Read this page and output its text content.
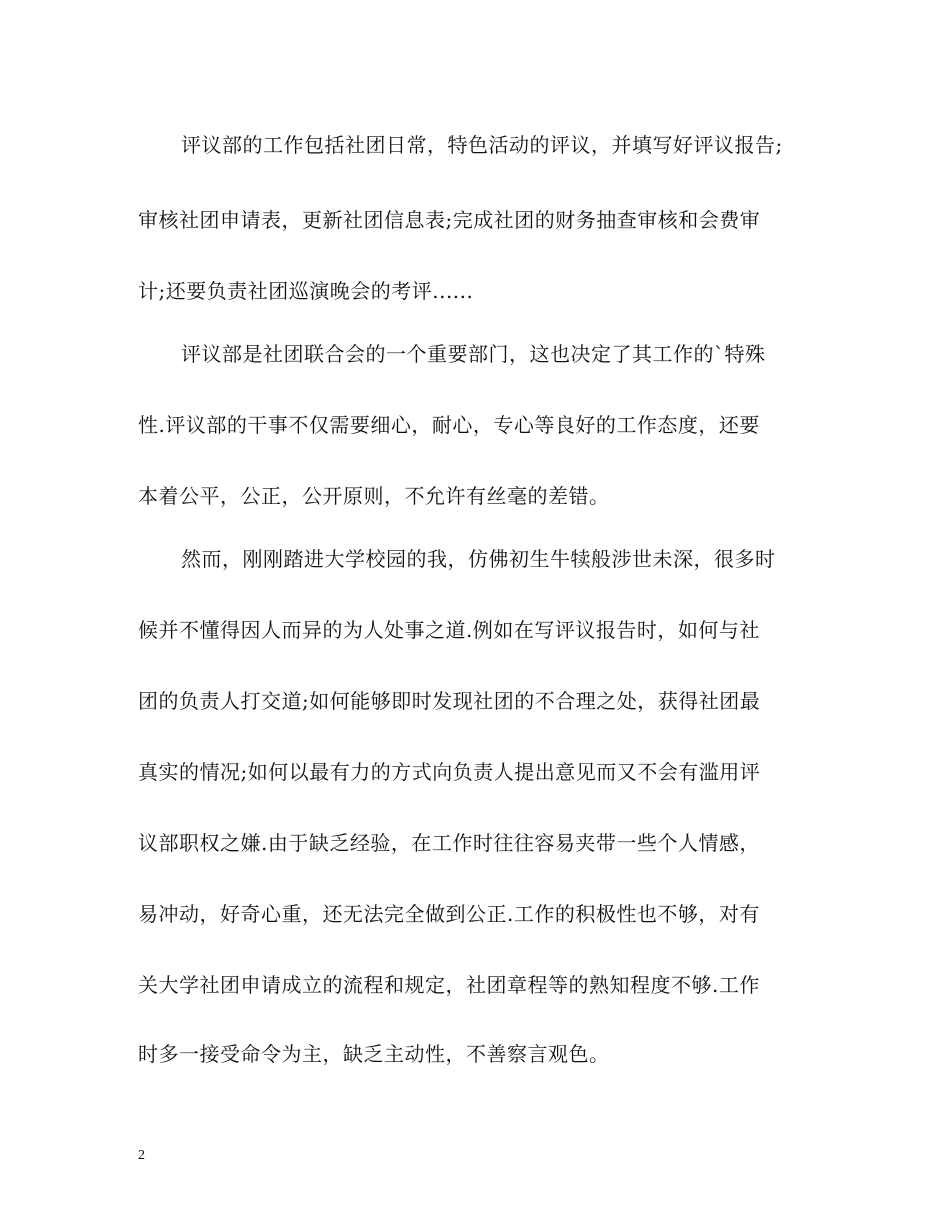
评议部的工作包括社团日常，特色活动的评议，并填写好评议报告;
审核社团申请表，更新社团信息表;完成社团的财务抽查审核和会费审
计;还要负责社团巡演晚会的考评......
评议部是社团联合会的一个重要部门，这也决定了其工作的`特殊
性.评议部的干事不仅需要细心，耐心，专心等良好的工作态度，还要
本着公平，公正，公开原则，不允许有丝毫的差错。
然而，刚刚踏进大学校园的我，仿佛初生牛犊般涉世未深，很多时
候并不懂得因人而异的为人处事之道.例如在写评议报告时，如何与社
团的负责人打交道;如何能够即时发现社团的不合理之处，获得社团最
真实的情况;如何以最有力的方式向负责人提出意见而又不会有滥用评
议部职权之嫌.由于缺乏经验，在工作时往往容易夹带一些个人情感，
易冲动，好奇心重，还无法完全做到公正.工作的积极性也不够，对有
关大学社团申请成立的流程和规定，社团章程等的熟知程度不够.工作
时多一接受命令为主，缺乏主动性，不善察言观色。
2
